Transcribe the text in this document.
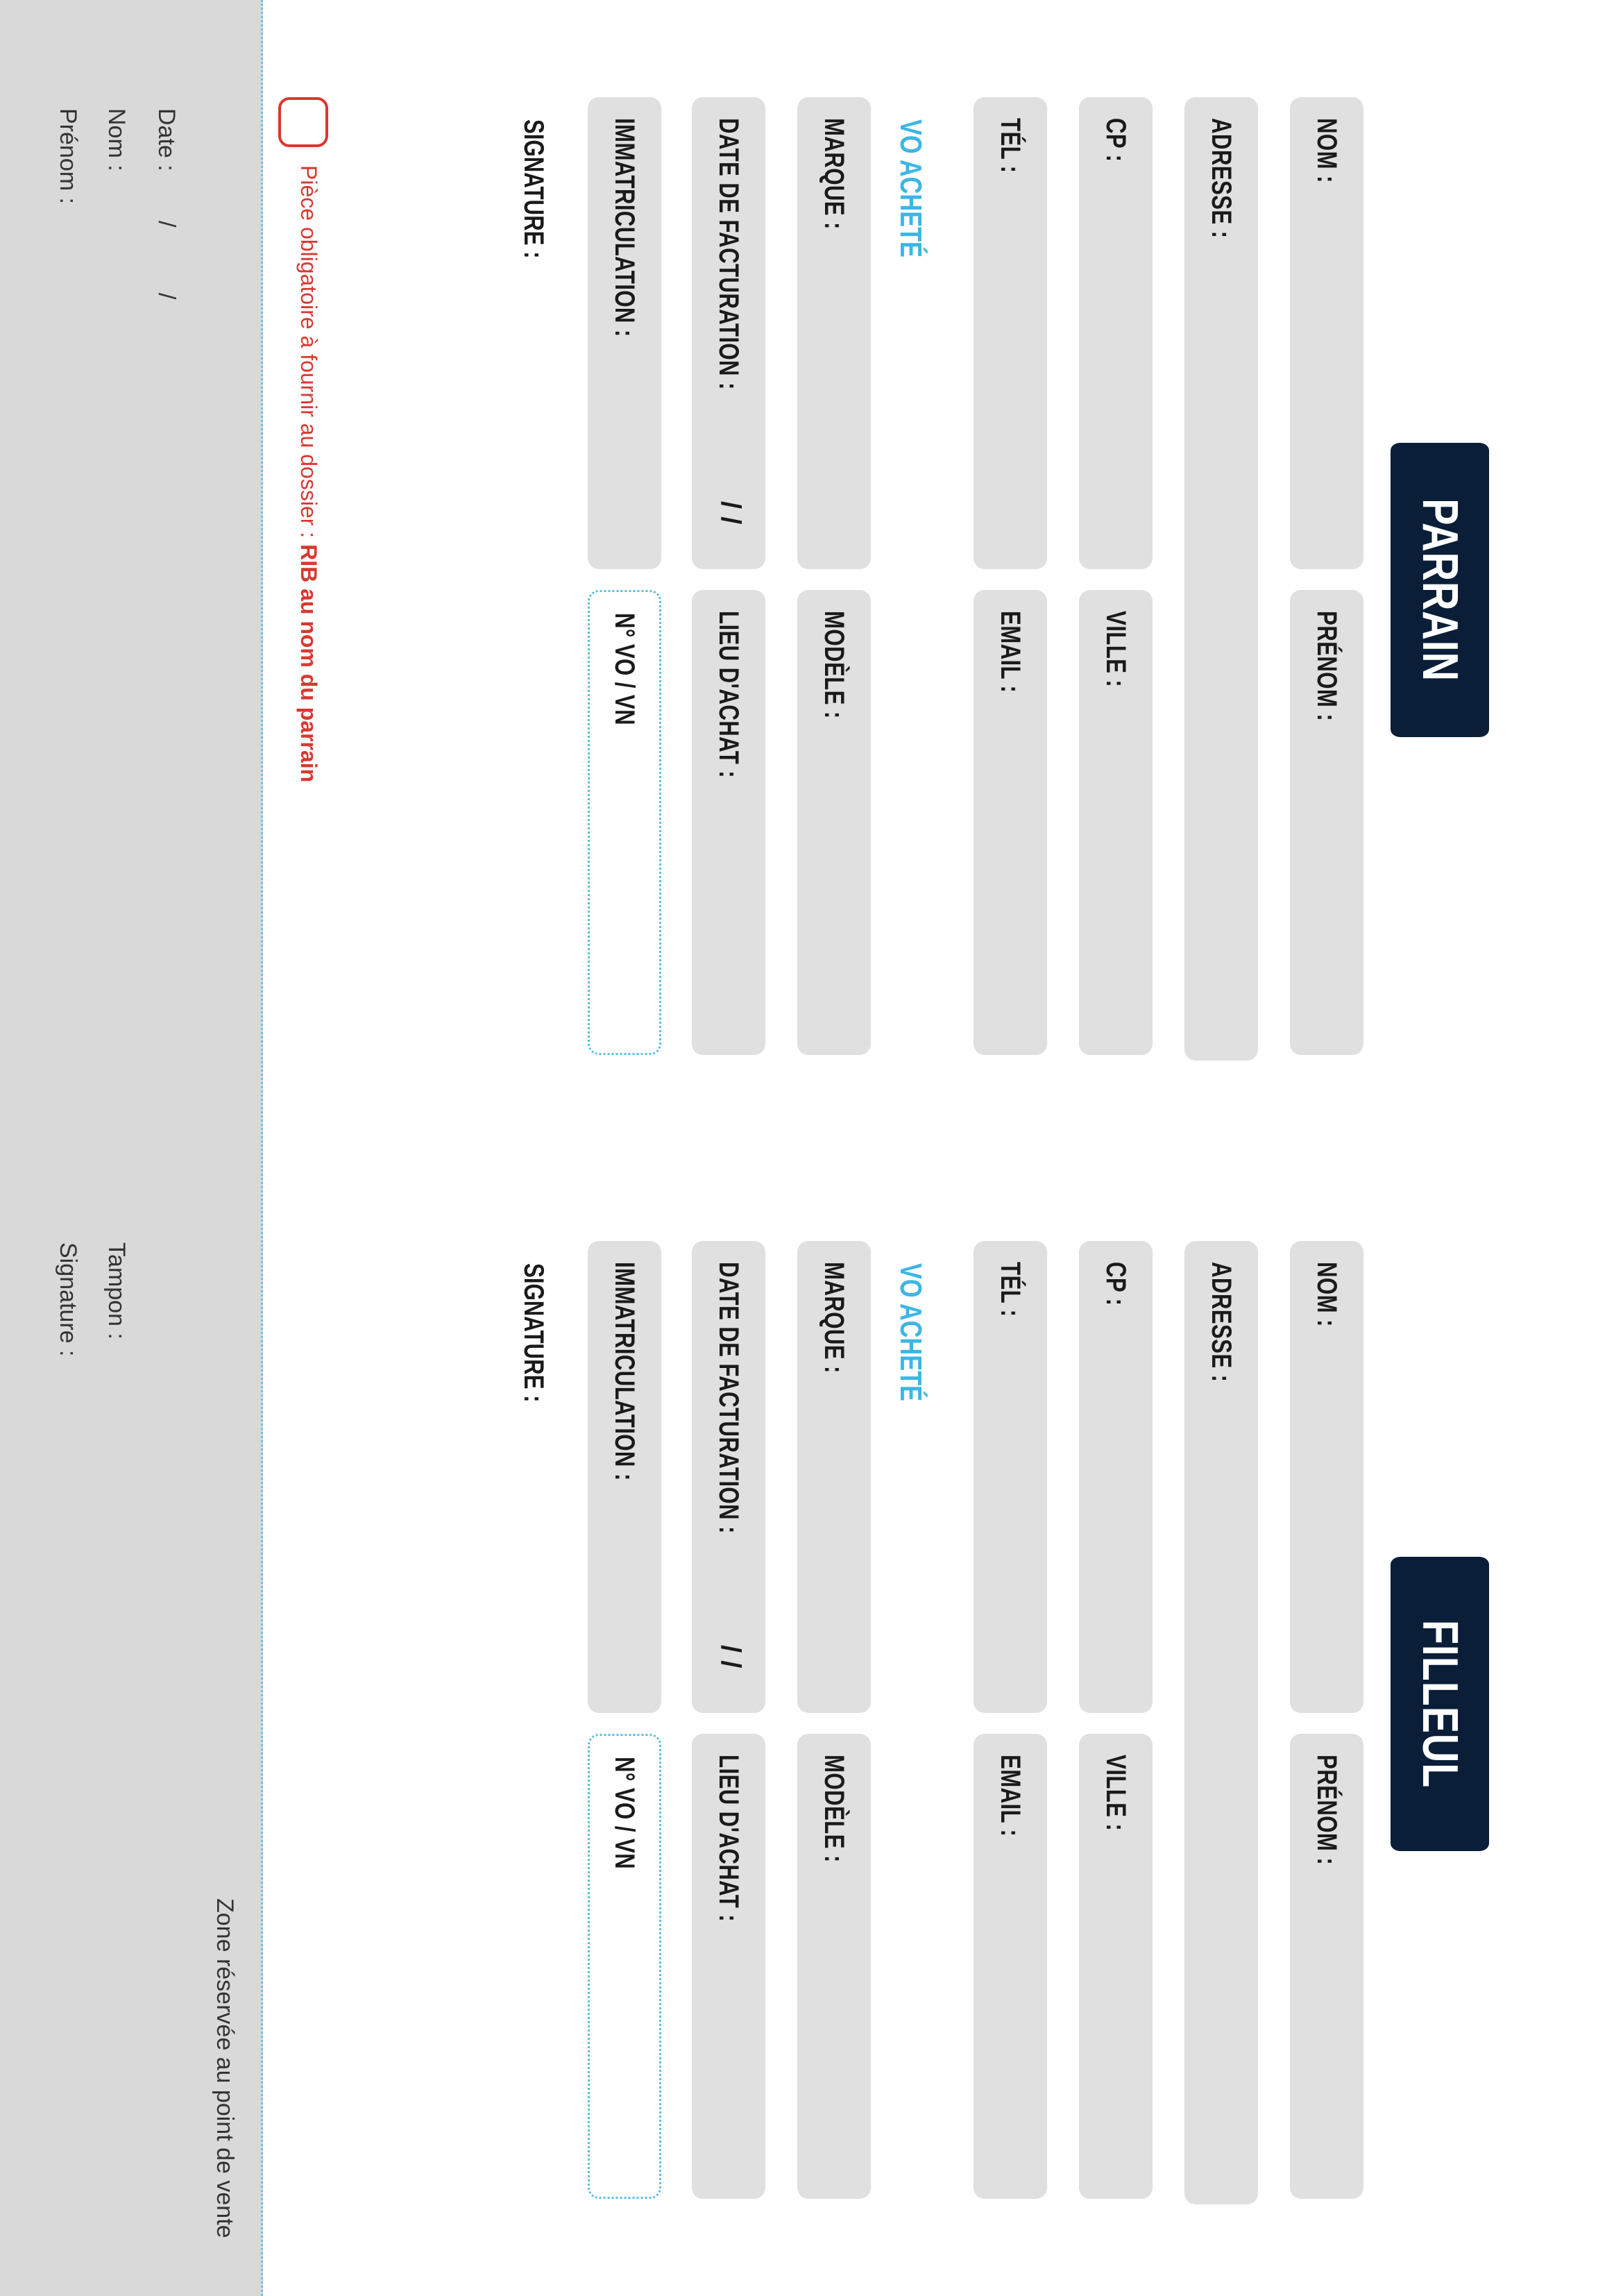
PARRAIN
NOM :
PRÉNOM :
ADRESSE :
CP :
VILLE :
TÉL :
EMAIL :
VO ACHETÉ
MARQUE :
MODÈLE :
DATE DE FACTURATION :
/ /
LIEU D'ACHAT :
IMMATRICULATION :
N° VO / VN
SIGNATURE :
FILLEUL
NOM :
PRÉNOM :
ADRESSE :
CP :
VILLE :
TÉL :
EMAIL :
VO ACHETÉ
MARQUE :
MODÈLE :
DATE DE FACTURATION :
/ /
LIEU D'ACHAT :
IMMATRICULATION :
N° VO / VN
SIGNATURE :
Pièce obligatoire à fournir au dossier : RIB au nom du parrain
Zone réservée au point de vente
Date :
/          /
Nom :
Prénom :
Tampon :
Signature :
